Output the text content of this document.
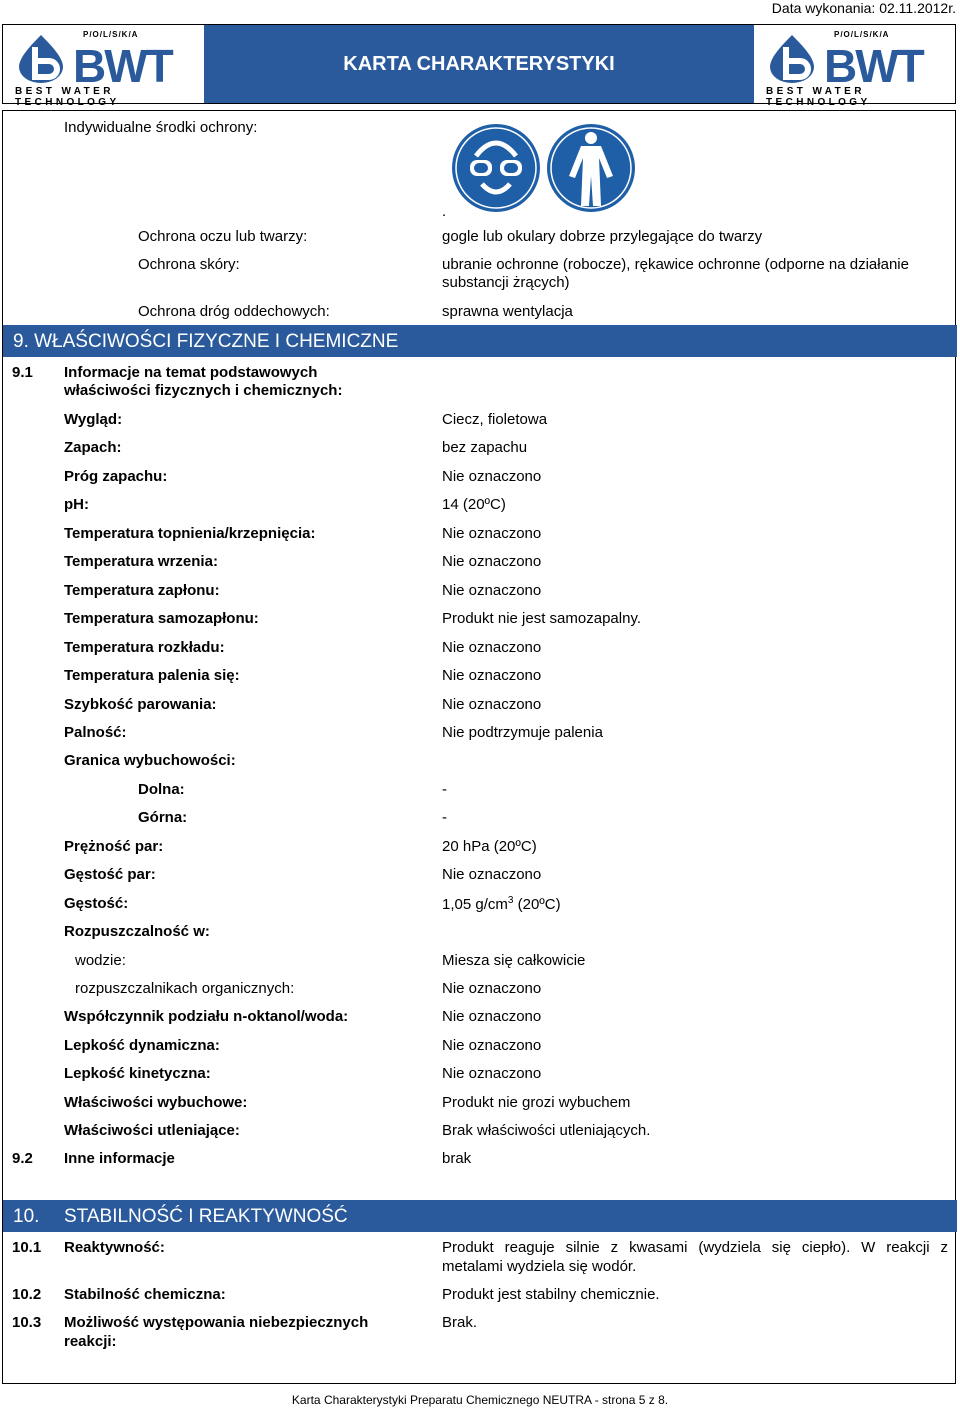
Data wykonania: 02.11.2012r.
P/O/L/S/K/A
BWT
BEST WATER TECHNOLOGY
KARTA CHARAKTERYSTYKI
P/O/L/S/K/A
BWT
BEST WATER TECHNOLOGY
Indywidualne środki ochrony:
.
Ochrona oczu lub twarzy:	gogle lub okulary dobrze przylegające do twarzy
Ochrona skóry:	ubranie ochronne (robocze), rękawice ochronne (odporne na działanie
substancji żrących)
Ochrona dróg oddechowych:	sprawna wentylacja
9. WŁAŚCIWOŚCI FIZYCZNE I CHEMICZNE
9.1 Informacje na temat podstawowych
właściwości fizycznych i chemicznych:
Wygląd:	Ciecz, fioletowa
Zapach:	bez zapachu
Próg zapachu:	Nie oznaczono
pH:	14 (20ºC)
Temperatura topnienia/krzepnięcia:	Nie oznaczono
Temperatura wrzenia:	Nie oznaczono
Temperatura zapłonu:	Nie oznaczono
Temperatura samozapłonu:	Produkt nie jest samozapalny.
Temperatura rozkładu:	Nie oznaczono
Temperatura palenia się:	Nie oznaczono
Szybkość parowania:	Nie oznaczono
Palność:	Nie podtrzymuje palenia
Granica wybuchowości:
Dolna:	-
Górna:	-
Prężność par:	20 hPa (20ºC)
Gęstość par:	Nie oznaczono
Gęstość:	1,05 $g/cm^3$ (20ºC)
Rozpuszczalność w:
wodzie:	Miesza się całkowicie
rozpuszczalnikach organicznych:	Nie oznaczono
Współczynnik podziału n-oktanol/woda:	Nie oznaczono
Lepkość dynamiczna:	Nie oznaczono
Lepkość kinetyczna:	Nie oznaczono
Właściwości wybuchowe:	Produkt nie grozi wybuchem
Właściwości utleniające:	Brak właściwości utleniających.
9.2 Inne informacje	brak
10. STABILNOŚĆ I REAKTYWNOŚĆ
10.1 Reaktywność:	Produkt reaguje silnie z kwasami (wydziela się ciepło). W reakcji z
metalami wydziela się wodór.
10.2 Stabilność chemiczna:	Produkt jest stabilny chemicznie.
10.3 Możliwość występowania niebezpiecznych
reakcji:
Brak.
Karta Charakterystyki Preparatu Chemicznego NEUTRA - strona 5 z 8.
